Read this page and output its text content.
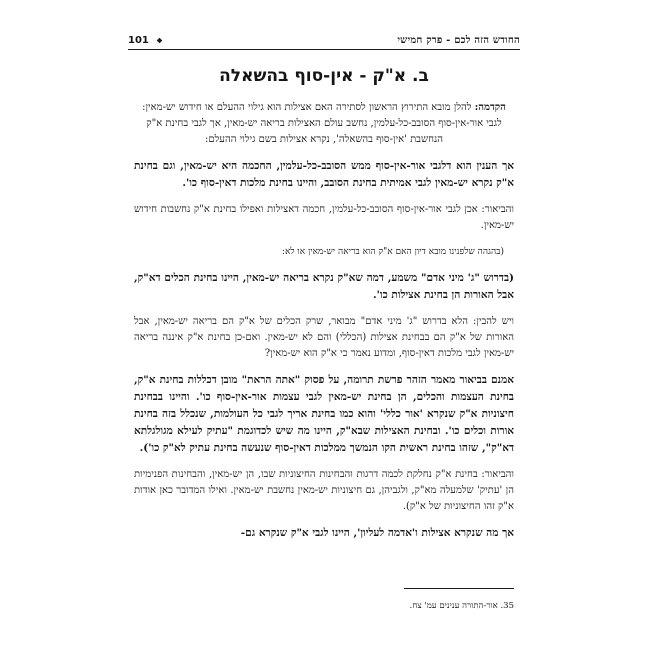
החודש הזה לכם - פרק חמישי
❖ 101
ב. א"ק - אין-סוף בהשאלה

הקדמה: להלן מובא התירוץ הראשון לסתירה האם אצילות הוא גילוי ההעלם או חידוש יש-מאין: לגבי אור-אין-סוף הסובב-כל-עלמין, נחשב עולם האצילות בריאה יש-מאין, אך לגבי בחינת א"ק הנחשבת 'אין-סוף בהשאלה', נקרא אצילות בשם גילוי ההעלם:

אך הענין הוא דלגבי אור-אין-סוף ממש הסובב-כל-עלמין, החכמה היא יש-מאין, וגם בחינת א"ק נקרא יש-מאין לגבי אמיתית בחינת הסובב, והיינו בחינת מלכות דאין-סוף כו'.

והביאור: אכן לגבי אור-אין-סוף הסובב-כל-עלמין, חכמה דאצילות ואפילו בחינת א"ק נחשבות חידוש יש-מאין.

(בהגהה שלפנינו מובא דיון האם א"ק הוא בריאה יש-מאין או לא:

(בדרוש "ג' מיני אדם" משמע, דמה שא"ק נקרא בריאה יש-מאין, היינו בחינת הכלים דא"ק, אבל האורות הן בחינת אצילות כו'.

ויש להבין: הלא בדרוש "ג' מיני אדם" מבואר, שרק הכלים של א"ק הם בריאה יש-מאין, אבל האורות של א"ק הם בבחינת אצילות (הכללי) והם לא יש-מאין. ואם-כן בחינת א"ק איננה בריאה יש-מאין לגבי מלכות דאין-סוף, ומדוע נאמר כי א"ק הוא יש-מאין?

אמנם בביאור מאמר הזהר פרשת תרומה, על פסוק "אתה הראת" מובן דכללות בחינת א"ק, בחינת העצמות והכלים, הן בחינת יש-מאין לגבי עצמות אור-אין-סוף כו'. והיינו בבחינת חיצוניות א"ק שנקרא 'אור כללי' והוא כמו בחינת אריך לגבי כל העולמות, שנכלל בזה בחינת אורות וכלים כו'. ובחינת האצילות שבא"ק, היינו מה שיש לכדוגמת "עתיק לעילא מגולגלתא דא"ק", שזהו בחינת ראשית הקו הנמשך ממלכות דאין-סוף שנעשה בחינת עתיק לא"ק כו').

והביאור: בחינת א"ק נחלקת לכמה דרגות והבחינות החיצוניות שבו, הן יש-מאין, והבחינות הפנימיות הן 'עתיק' שלמעלה מא"ק, ולגביהן, גם חיצוניות יש-מאין נחשבת יש-מאין. ואילו המדובר כאן אודות א"ק זהו החיצוניות של א"ק).

אך מה שנקרא אצילות ו'אדמה לעליון', היינו לגבי א"ק שנקרא גם-

35. אור-התורה ענינים עמ' צח.
